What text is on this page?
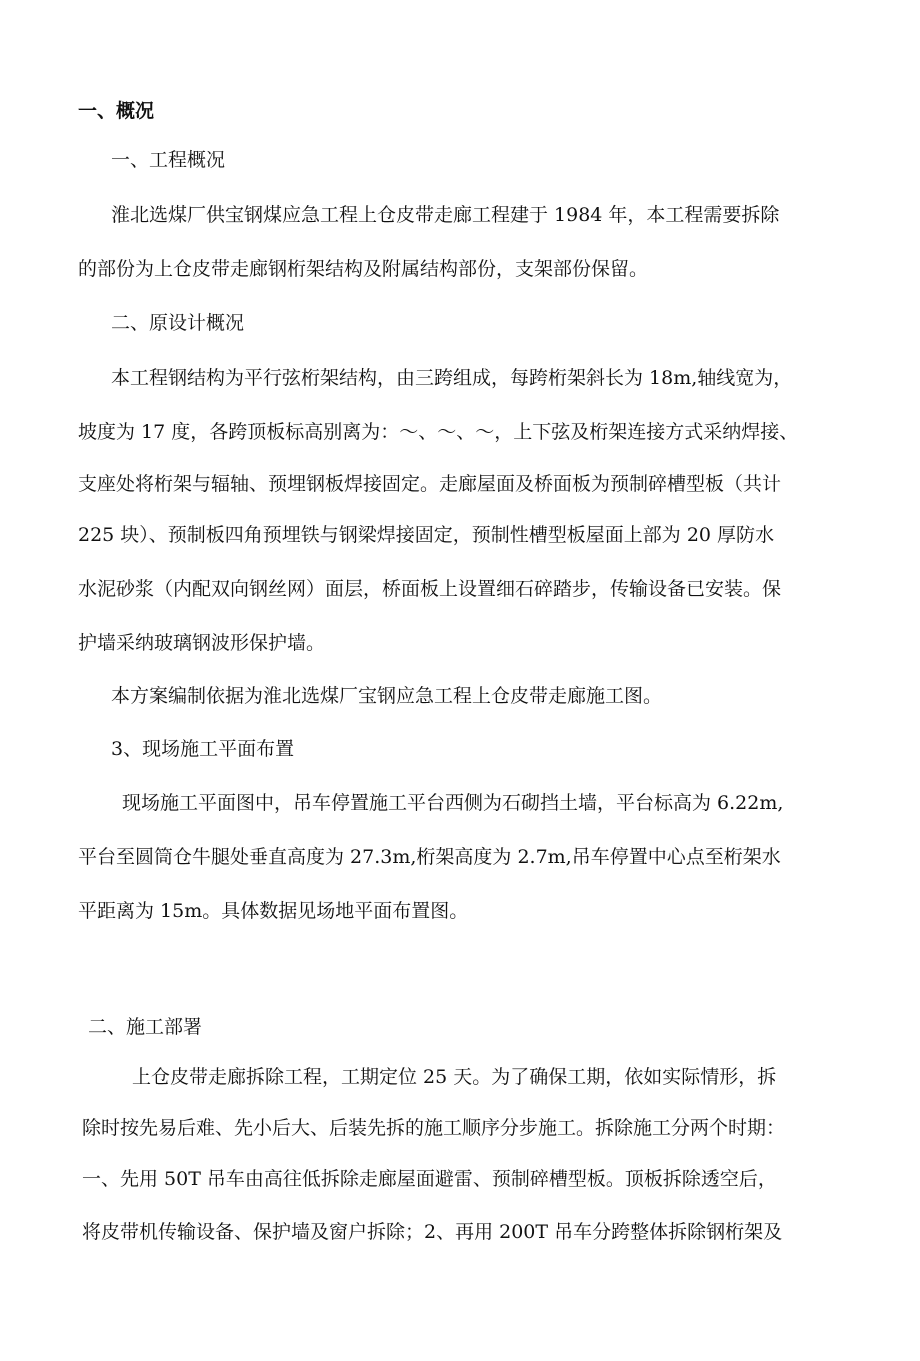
一、概况
一、工程概况
淮北选煤厂供宝钢煤应急工程上仓皮带走廊工程建于 1984 年，本工程需要拆除
的部份为上仓皮带走廊钢桁架结构及附属结构部份，支架部份保留。
二、原设计概况
本工程钢结构为平行弦桁架结构，由三跨组成，每跨桁架斜长为 18m,轴线宽为，
坡度为 17 度，各跨顶板标高别离为：～、～、～，上下弦及桁架连接方式采纳焊接、
支座处将桁架与辐轴、预埋钢板焊接固定。走廊屋面及桥面板为预制碎槽型板（共计
225 块）、预制板四角预埋铁与钢梁焊接固定，预制性槽型板屋面上部为 20 厚防水
水泥砂浆（内配双向钢丝网）面层，桥面板上设置细石碎踏步，传输设备已安装。保
护墙采纳玻璃钢波形保护墙。
本方案编制依据为淮北选煤厂宝钢应急工程上仓皮带走廊施工图。
3、现场施工平面布置
现场施工平面图中，吊车停置施工平台西侧为石砌挡土墙，平台标高为 6.22m,
平台至圆筒仓牛腿处垂直高度为 27.3m,桁架高度为 2.7m,吊车停置中心点至桁架水
平距离为 15m。具体数据见场地平面布置图。
二、施工部署
上仓皮带走廊拆除工程，工期定位 25 天。为了确保工期，依如实际情形，拆
除时按先易后难、先小后大、后装先拆的施工顺序分步施工。拆除施工分两个时期：
一、先用 50T 吊车由高往低拆除走廊屋面避雷、预制碎槽型板。顶板拆除透空后，
将皮带机传输设备、保护墙及窗户拆除；2、再用 200T 吊车分跨整体拆除钢桁架及
